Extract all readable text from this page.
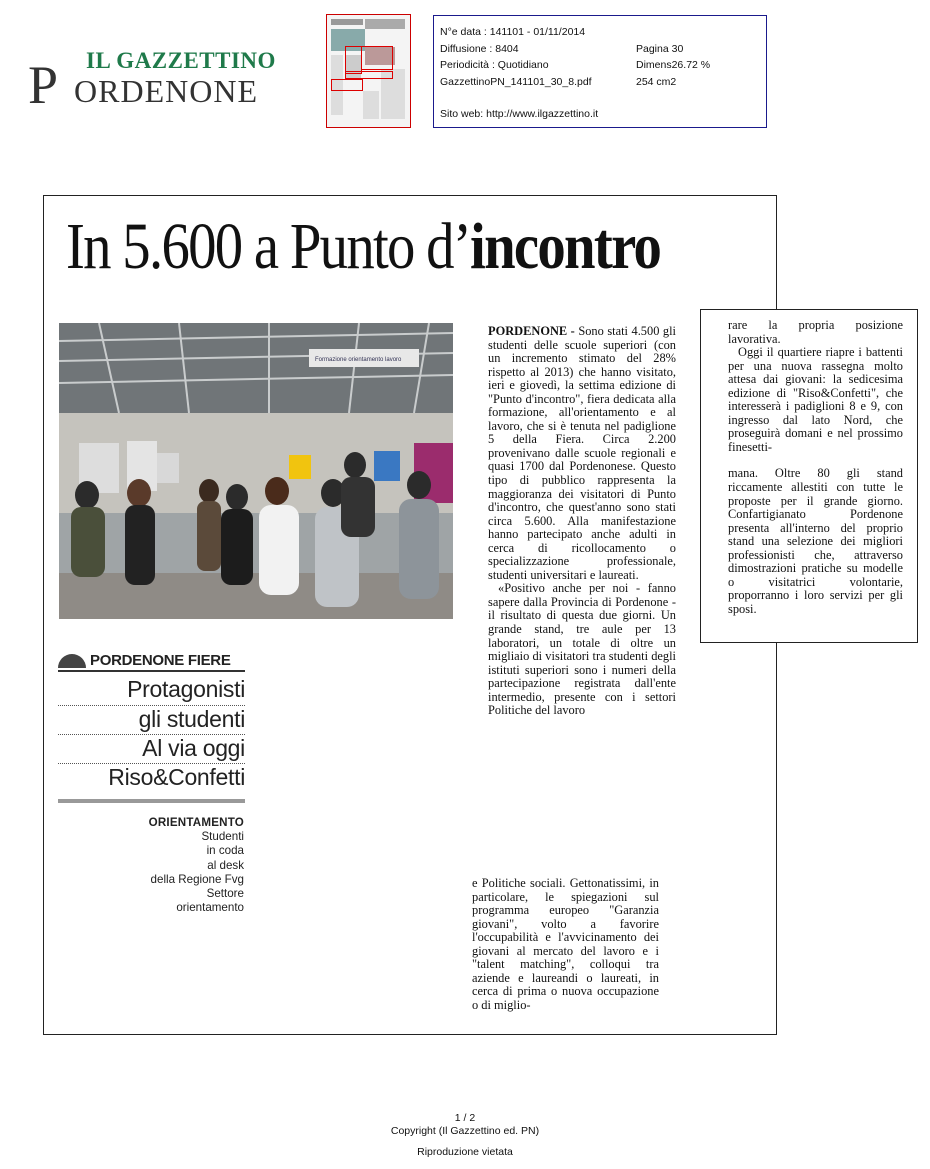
IL GAZZETTINO
P ORDENONE
N°e data : 141101 - 01/11/2014
Diffusione : 8404	Pagina 30
Periodicità : Quotidiano	Dimens26.72 %
GazzettinoPN_141101_30_8.pdf	254 cm2
Sito web: http://www.ilgazzettino.it
In 5.600 a Punto d’incontro
Formazione orientamento lavoro
PORDENONE FIERE
Protagonisti
gli studenti
Al via oggi
Riso&Confetti
ORIENTAMENTO
Studenti
in coda
al desk
della Regione Fvg
Settore
orientamento

PORDENONE - Sono stati 4.500 gli studenti delle scuole superiori (con un incremento stimato del 28% rispetto al 2013) che hanno visitato, ieri e giovedì, la settima edizione di "Punto d'incontro", fiera dedicata alla formazione, all'orientamento e al lavoro, che si è tenuta nel padiglione 5 della Fiera. Circa 2.200 provenivano dalle scuole regionali e quasi 1700 dal Pordenonese. Questo tipo di pubblico rappresenta la maggioranza dei visitatori di Punto d'incontro, che quest'anno sono stati circa 5.600. Alla manifestazione hanno partecipato anche adulti in cerca di ricollocamento o specializzazione professionale, studenti universitari e laureati.

«Positivo anche per noi - fanno sapere dalla Provincia di Pordenone - il risultato di questa due giorni. Un grande stand, tre aule per 13 laboratori, un totale di oltre un migliaio di visitatori tra studenti degli istituti superiori sono i numeri della partecipazione registrata dall'ente intermedio, presente con i settori Politiche del lavoro

e Politiche sociali. Gettonatissimi, in particolare, le spiegazioni sul programma europeo "Garanzia giovani", volto a favorire l'occupabilità e l'avvicinamento dei giovani al mercato del lavoro e i "talent matching", colloqui tra aziende e laureandi o laureati, in cerca di prima o nuova occupazione o di miglio-

rare la propria posizione lavorativa.

Oggi il quartiere riapre i battenti per una nuova rassegna molto attesa dai giovani: la sedicesima edizione di "Riso&Confetti", che interesserà i padiglioni 8 e 9, con ingresso dal lato Nord, che proseguirà domani e nel prossimo finesetti-

mana. Oltre 80 gli stand riccamente allestiti con tutte le proposte per il grande giorno. Confartigianato Pordenone presenta all'interno del proprio stand una selezione dei migliori professionisti che, attraverso dimostrazioni pratiche su modelle o visitatrici volontarie, proporranno i loro servizi per gli sposi.

1 / 2
Copyright (Il Gazzettino ed. PN)
Riproduzione vietata
